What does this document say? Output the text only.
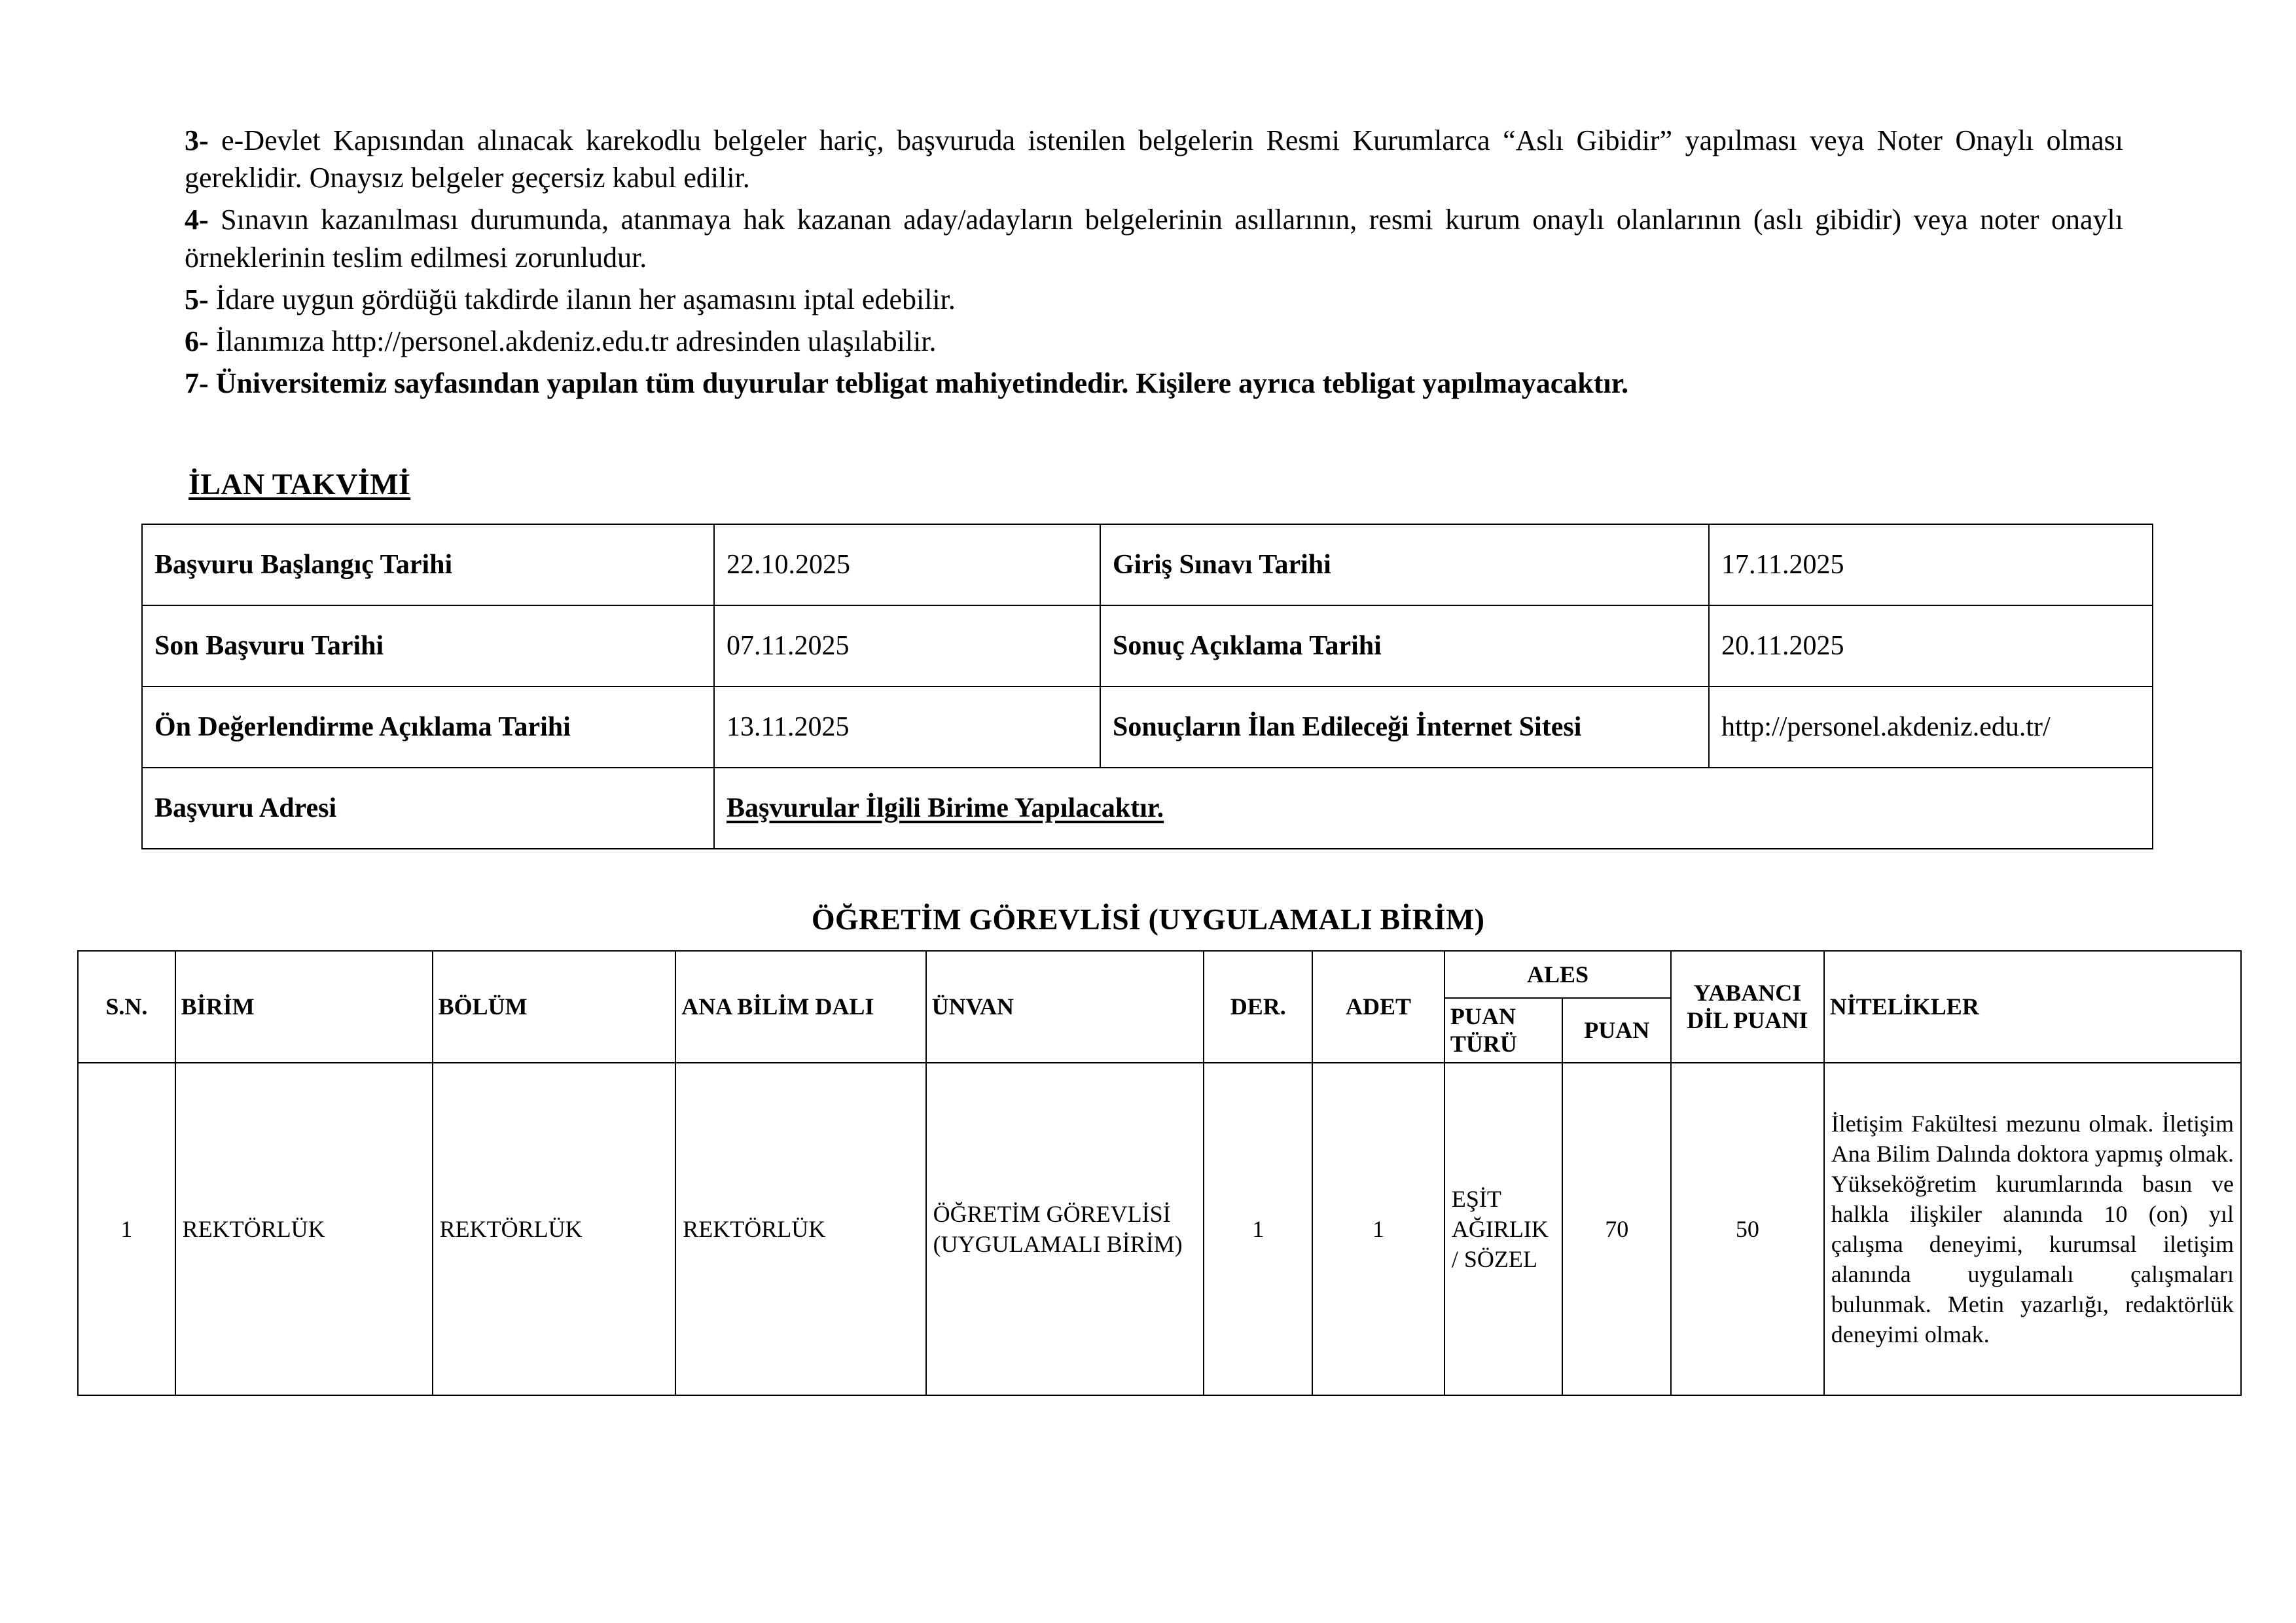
3- e-Devlet Kapısından alınacak karekodlu belgeler hariç, başvuruda istenilen belgelerin Resmi Kurumlarca “Aslı Gibidir” yapılması veya Noter Onaylı olması gereklidir. Onaysız belgeler geçersiz kabul edilir.

4- Sınavın kazanılması durumunda, atanmaya hak kazanan aday/adayların belgelerinin asıllarının, resmi kurum onaylı olanlarının (aslı gibidir) veya noter onaylı örneklerinin teslim edilmesi zorunludur.

5- İdare uygun gördüğü takdirde ilanın her aşamasını iptal edebilir.

6- İlanımıza http://personel.akdeniz.edu.tr adresinden ulaşılabilir.

7- Üniversitemiz sayfasından yapılan tüm duyurular tebligat mahiyetindedir. Kişilere ayrıca tebligat yapılmayacaktır.

İLAN TAKVİMİ
Başvuru Başlangıç Tarihi	22.10.2025	Giriş Sınavı Tarihi	17.11.2025
Son Başvuru Tarihi	07.11.2025	Sonuç Açıklama Tarihi	20.11.2025
Ön Değerlendirme Açıklama Tarihi	13.11.2025	Sonuçların İlan Edileceği İnternet Sitesi	http://personel.akdeniz.edu.tr/
Başvuru Adresi	Başvurular İlgili Birime Yapılacaktır.		
ÖĞRETİM GÖREVLİSİ (UYGULAMALI BİRİM)
S.N.	BİRİM	BÖLÜM	ANA BİLİM DALI	ÜNVAN	DER.	ADET	ALES		YABANCI DİL PUANI	NİTELİKLER
							PUAN TÜRÜ	PUAN		
1	REKTÖRLÜK	REKTÖRLÜK	REKTÖRLÜK	ÖĞRETİM GÖREVLİSİ (UYGULAMALI BİRİM)	1	1	EŞİT AĞIRLIK / SÖZEL	70	50	İletişim Fakültesi mezunu olmak. İletişim Ana Bilim Dalında doktora yapmış olmak. Yükseköğretim kurumlarında basın ve halkla ilişkiler alanında 10 (on) yıl çalışma deneyimi, kurumsal iletişim alanında uygulamalı çalışmaları bulunmak. Metin yazarlığı, redaktörlük deneyimi olmak.
